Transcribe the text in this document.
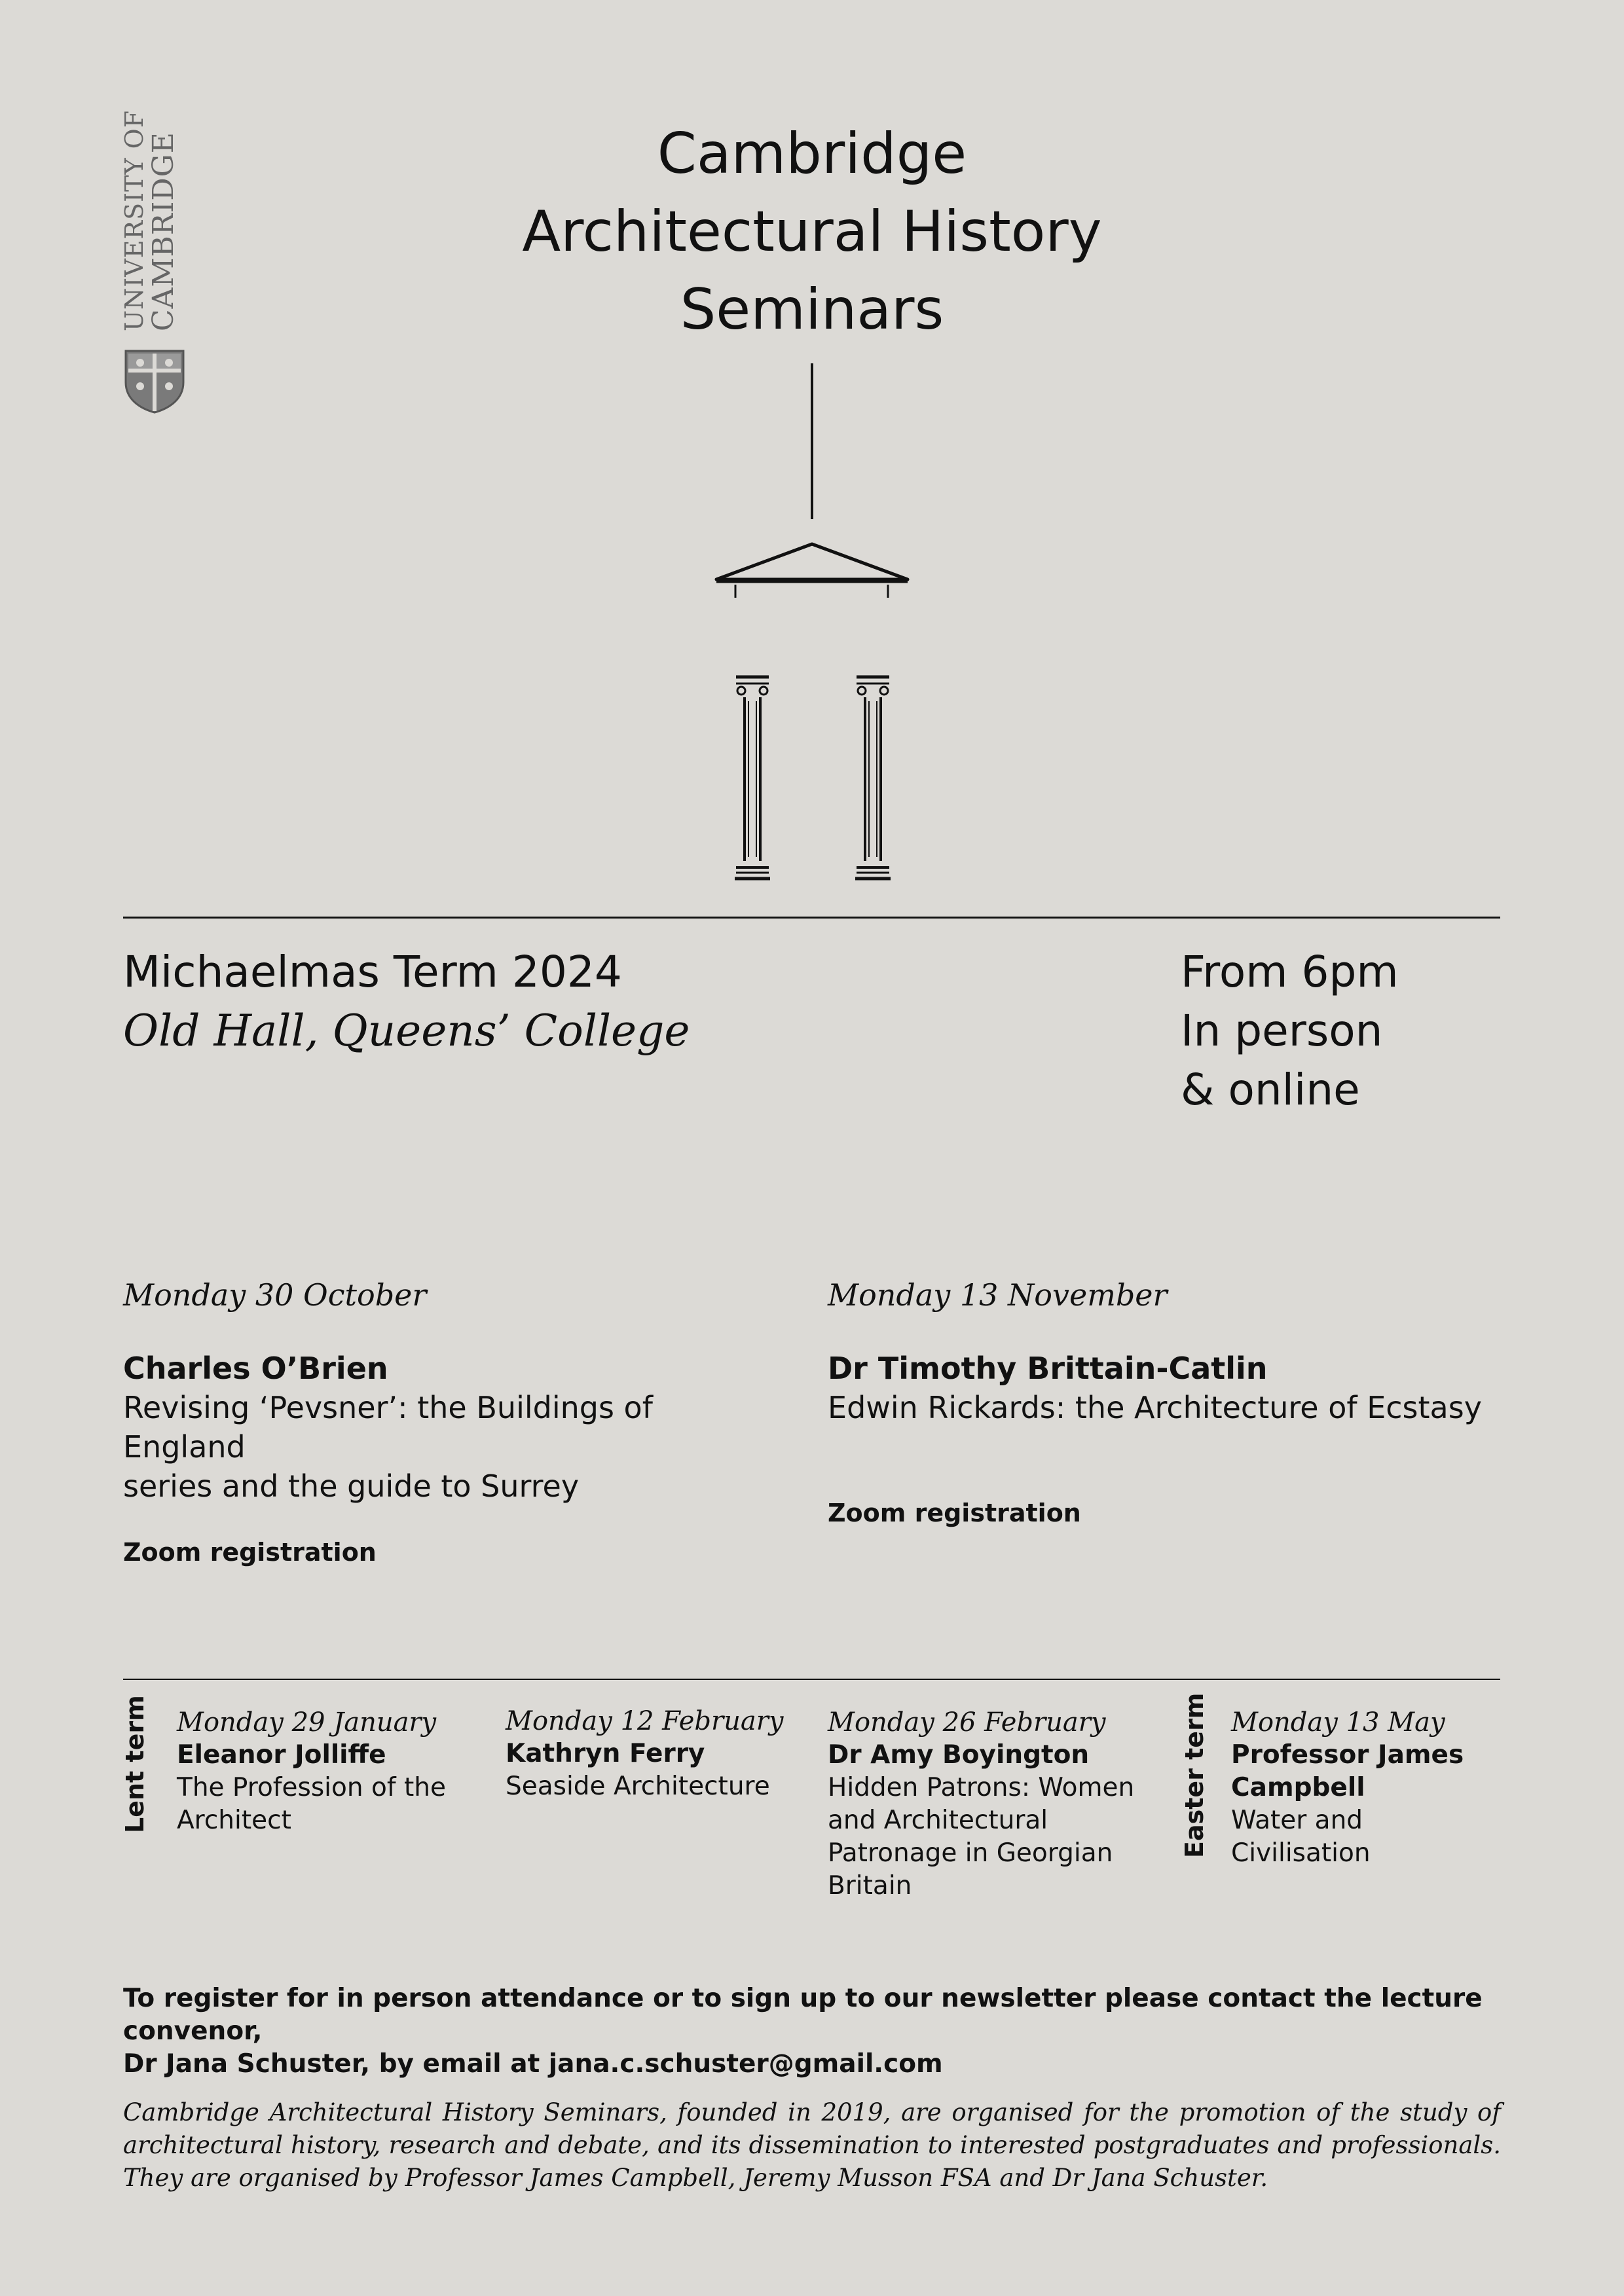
UNIVERSITY OF
CAMBRIDGE	Cambridge
Architectural History
Seminars
Michaelmas Term 2024
Old Hall, Queens’ College
From 6pm
In person
& online
Monday 30 October
Charles O’Brien
Revising ‘Pevsner’: the Buildings of England
series and the guide to Surrey
Zoom registration
Monday 13 November
Dr Timothy Brittain-Catlin
Edwin Rickards: the Architecture of Ecstasy
Zoom registration
Lent term Monday 29 January
Eleanor Jolliffe
The Profession of the
Architect
Monday 12 February
Kathryn Ferry
Seaside Architecture
Monday 26 February
Dr Amy Boyington
Hidden Patrons: Women
and Architectural
Patronage in Georgian
Britain
Easter term Monday 13 May
Professor James
Campbell
Water and Civilisation
To register for in person attendance or to sign up to our newsletter please contact the lecture convenor,
Dr Jana Schuster, by email at jana.c.schuster@gmail.com
Cambridge Architectural History Seminars, founded in 2019, are organised for the promotion of the study of architectural history, research and debate, and its dissemination to interested postgraduates and professionals. They are organised by Professor James Campbell, Jeremy Musson FSA and Dr Jana Schuster.
